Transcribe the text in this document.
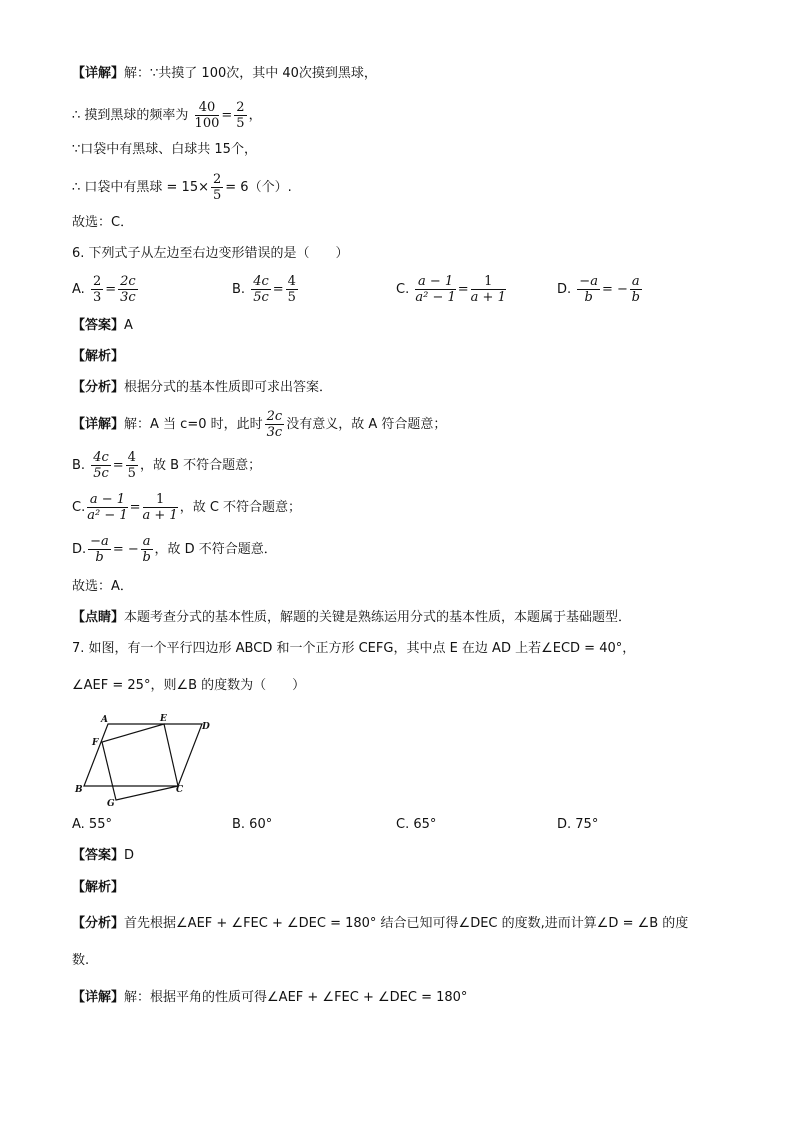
【详解】解：∵共摸了 100次，其中 40次摸到黑球，
∴ 摸到黑球的频率为 $\frac{40}{100} = \frac{2}{5}$ ，
∵口袋中有黑球、白球共 15个，
∴ 口袋中有黑球 = $15\times \frac{2}{5} = 6$（个）.
故选：C．
6. 下列式子从左边至右边变形错误的是（　　）
A. $\frac{2}{3} = \frac{2c}{3c}$	B. $\frac{4c}{5c} = \frac{4}{5}$	C. $\frac{a - 1}{\text{a² − 1}} = \frac{1}{a + 1}$	D. $\frac{-a}{b}$ = − $\frac{a}{b}$
【答案】A
【解析】
【分析】根据分式的基本性质即可求出答案．
【详解】解：A 当 c=0 时，此时 $\frac{2c}{3c}$ 没有意义，故 A 符合题意；
B. $\frac{4c}{5c} = \frac{4}{5}$ ，故 B 不符合题意；
C. $\frac{a - 1}{\text{a² − 1}} = \frac{1}{a + 1}$ ，故 C 不符合题意；
D. $\frac{-a}{b}$ = − $\frac{a}{b}$ ，故 D 不符合题意．
故选：A．
【点睛】本题考查分式的基本性质，解题的关键是熟练运用分式的基本性质，本题属于基础题型．
7. 如图，有一个平行四边形 ABCD 和一个正方形 CEFG，其中点 E 在边 AD 上若∠ECD = 40°，
∠AEF = 25°，则∠B 的度数为（　　）
A	E
D
F
B	C
G
A. 55°	B. 60°	C. 65°	D. 75°
【答案】D
【解析】
【分析】首先根据∠AEF + ∠FEC + ∠DEC = 180° 结合已知可得∠DEC 的度数,进而计算∠D = ∠B 的度
数.
【详解】解：根据平角的性质可得∠AEF + ∠FEC + ∠DEC = 180°
